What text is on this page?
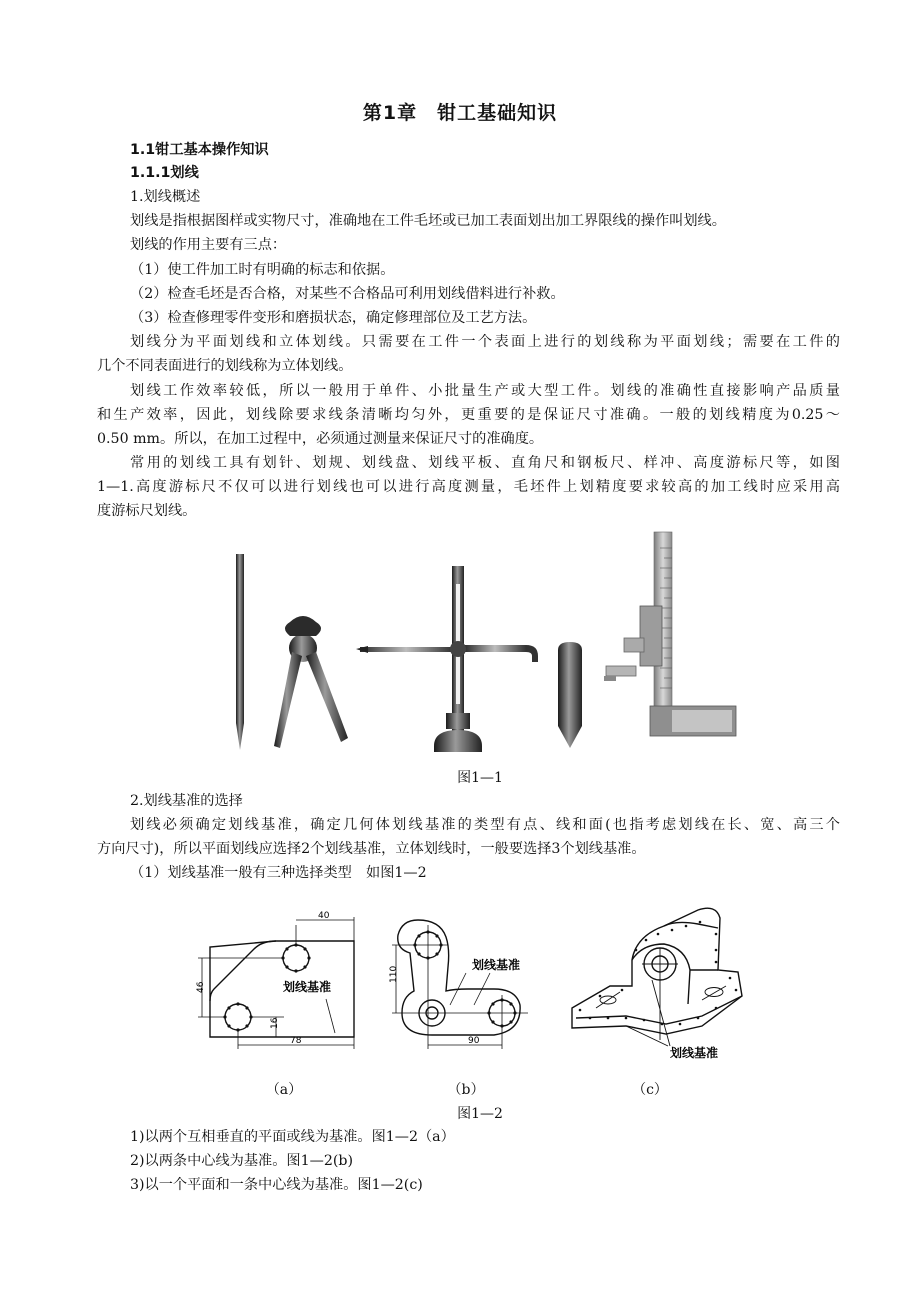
第1章　钳工基础知识
1.1钳工基本操作知识
1.1.1划线
1.划线概述
划线是指根据图样或实物尺寸，准确地在工件毛坯或已加工表面划出加工界限线的操作叫划线。
划线的作用主要有三点：
（1）使工件加工时有明确的标志和依据。
（2）检查毛坯是否合格，对某些不合格品可利用划线借料进行补救。
（3）检查修理零件变形和磨损状态，确定修理部位及工艺方法。
划线分为平面划线和立体划线。只需要在工件一个表面上进行的划线称为平面划线；需要在工件的
几个不同表面进行的划线称为立体划线。
划线工作效率较低，所以一般用于单件、小批量生产或大型工件。划线的准确性直接影响产品质量
和生产效率，因此，划线除要求线条清晰均匀外，更重要的是保证尺寸准确。一般的划线精度为0.25～
0.50 mm。所以，在加工过程中，必须通过测量来保证尺寸的准确度。
常用的划线工具有划针、划规、划线盘、划线平板、直角尺和钢板尺、样冲、高度游标尺等，如图
1—1.高度游标尺不仅可以进行划线也可以进行高度测量，毛坯件上划精度要求较高的加工线时应采用高
度游标尺划线。
图1—1
2.划线基准的选择
划线必须确定划线基准，确定几何体划线基准的类型有点、线和面(也指考虑划线在长、宽、高三个
方向尺寸)，所以平面划线应选择2个划线基准，立体划线时，一般要选择3个划线基准。
（1）划线基准一般有三种选择类型　如图1—2
40
46
16
78
划线基准
110
90
划线基准
划线基准
（a）	（b）	（c）
图1—2
1)以两个互相垂直的平面或线为基准。图1—2（a）
2)以两条中心线为基准。图1—2(b)
3)以一个平面和一条中心线为基准。图1—2(c)
